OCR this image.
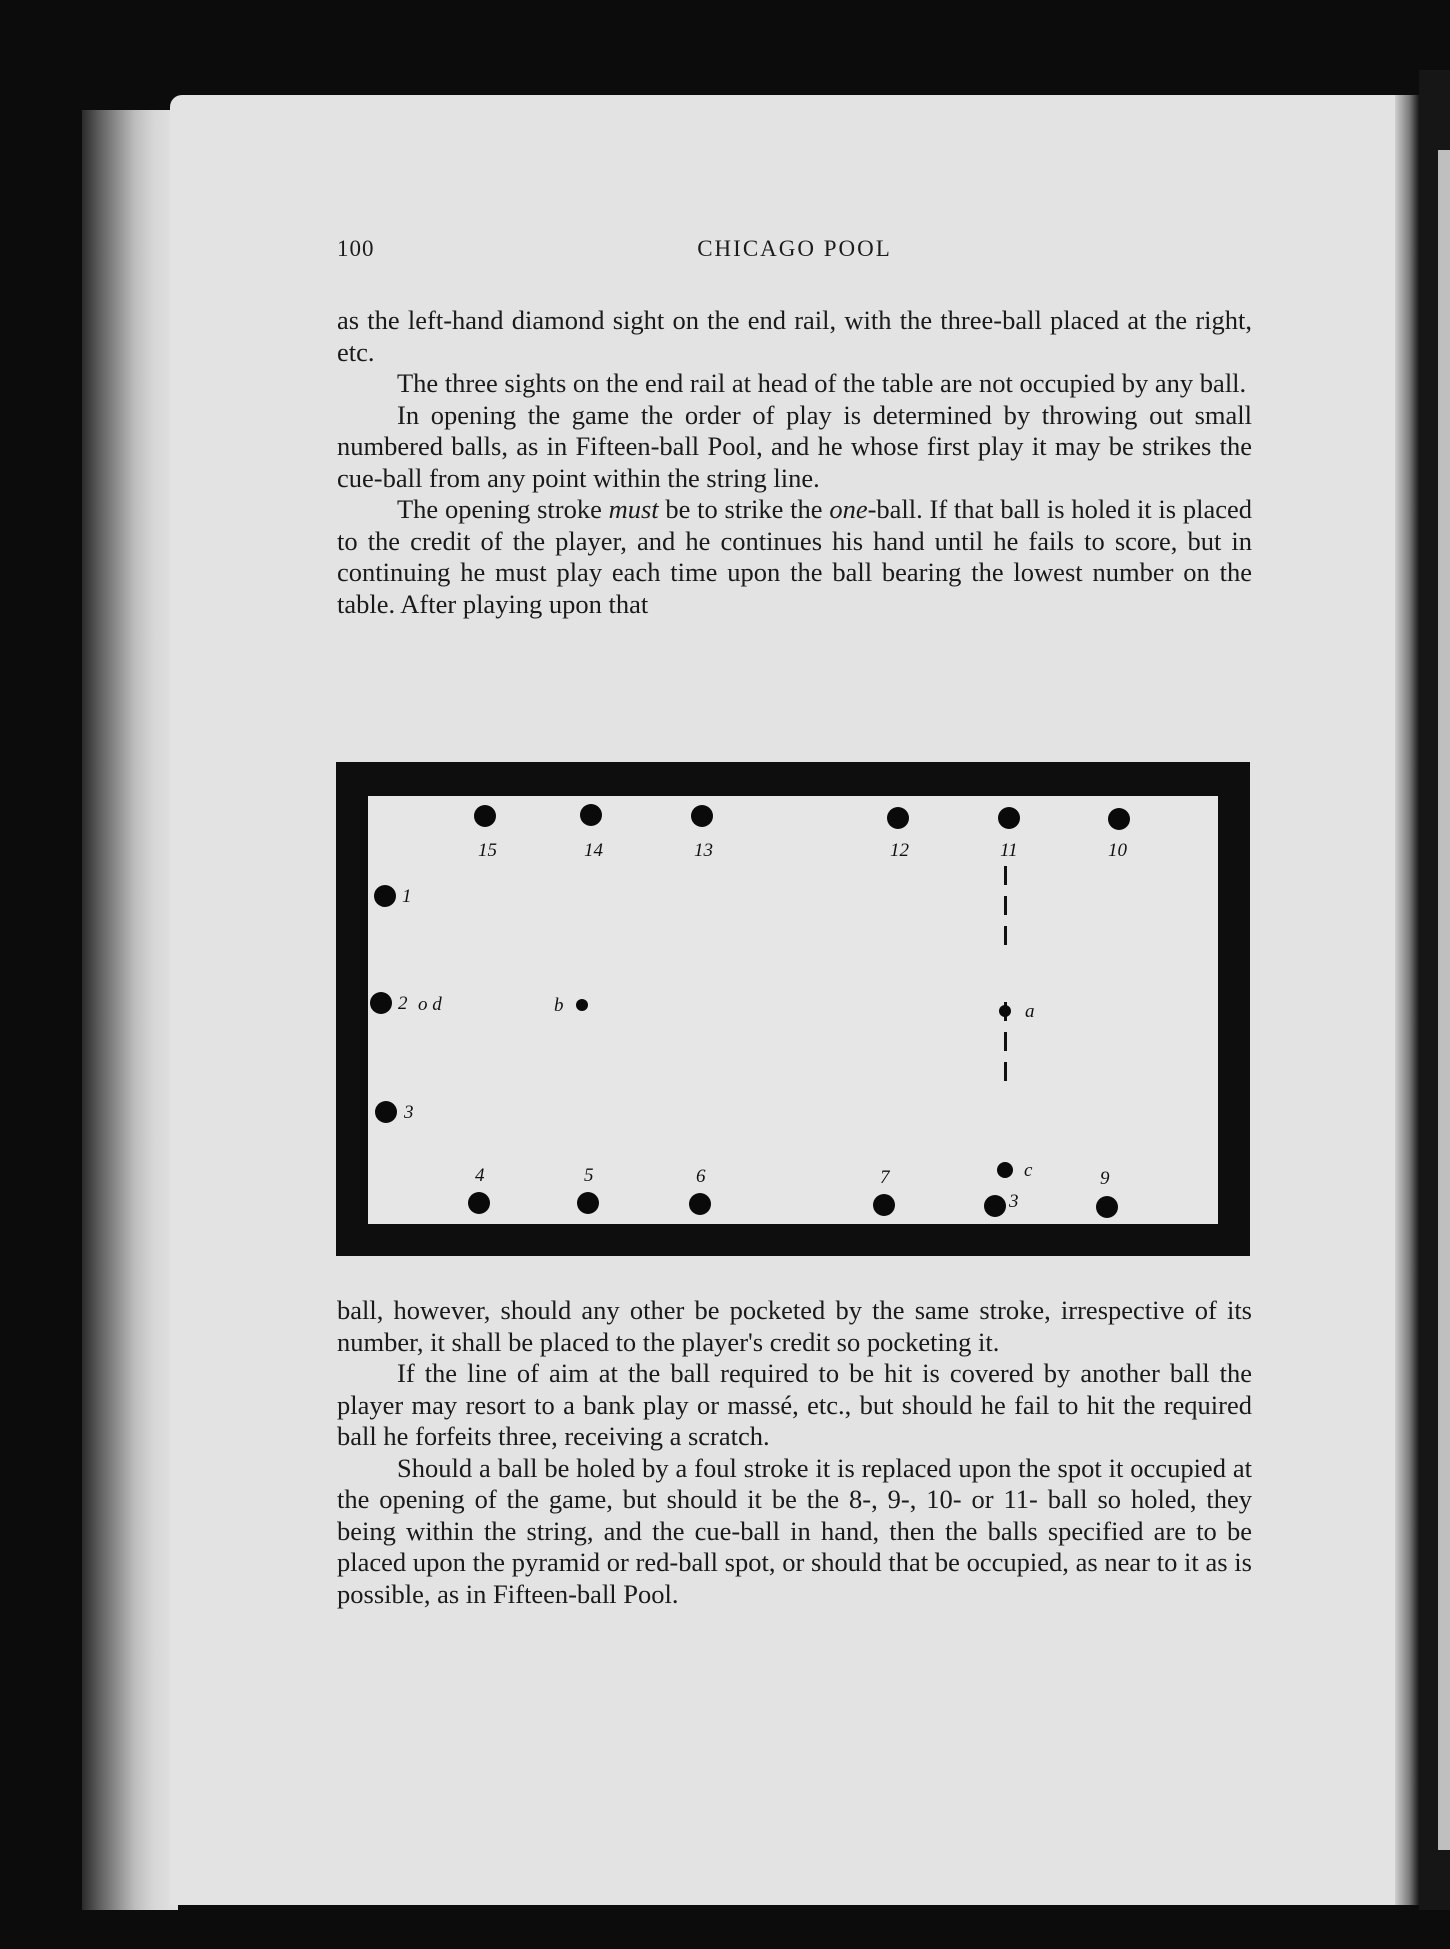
100	CHICAGO POOL

as the left-hand diamond sight on the end rail, with the three-ball placed at the right, etc.

The three sights on the end rail at head of the table are not occupied by any ball.

In opening the game the order of play is determined by throwing out small numbered balls, as in Fifteen-ball Pool, and he whose first play it may be strikes the cue-ball from any point within the string line.

The opening stroke must be to strike the one-ball. If that ball is holed it is placed to the credit of the player, and he continues his hand until he fails to score, but in continuing he must play each time upon the ball bearing the lowest number on the table. After playing upon that

15	14	13	12	11	10
1
2
3
4	5	6	7
3
9
o d	b	a
c

ball, however, should any other be pocketed by the same stroke, irrespective of its number, it shall be placed to the player's credit so pocketing it.

If the line of aim at the ball required to be hit is covered by another ball the player may resort to a bank play or massé, etc., but should he fail to hit the required ball he forfeits three, receiving a scratch.

Should a ball be holed by a foul stroke it is replaced upon the spot it occupied at the opening of the game, but should it be the 8-, 9-, 10- or 11- ball so holed, they being within the string, and the cue-ball in hand, then the balls specified are to be placed upon the pyramid or red-ball spot, or should that be occupied, as near to it as is possible, as in Fifteen-ball Pool.
